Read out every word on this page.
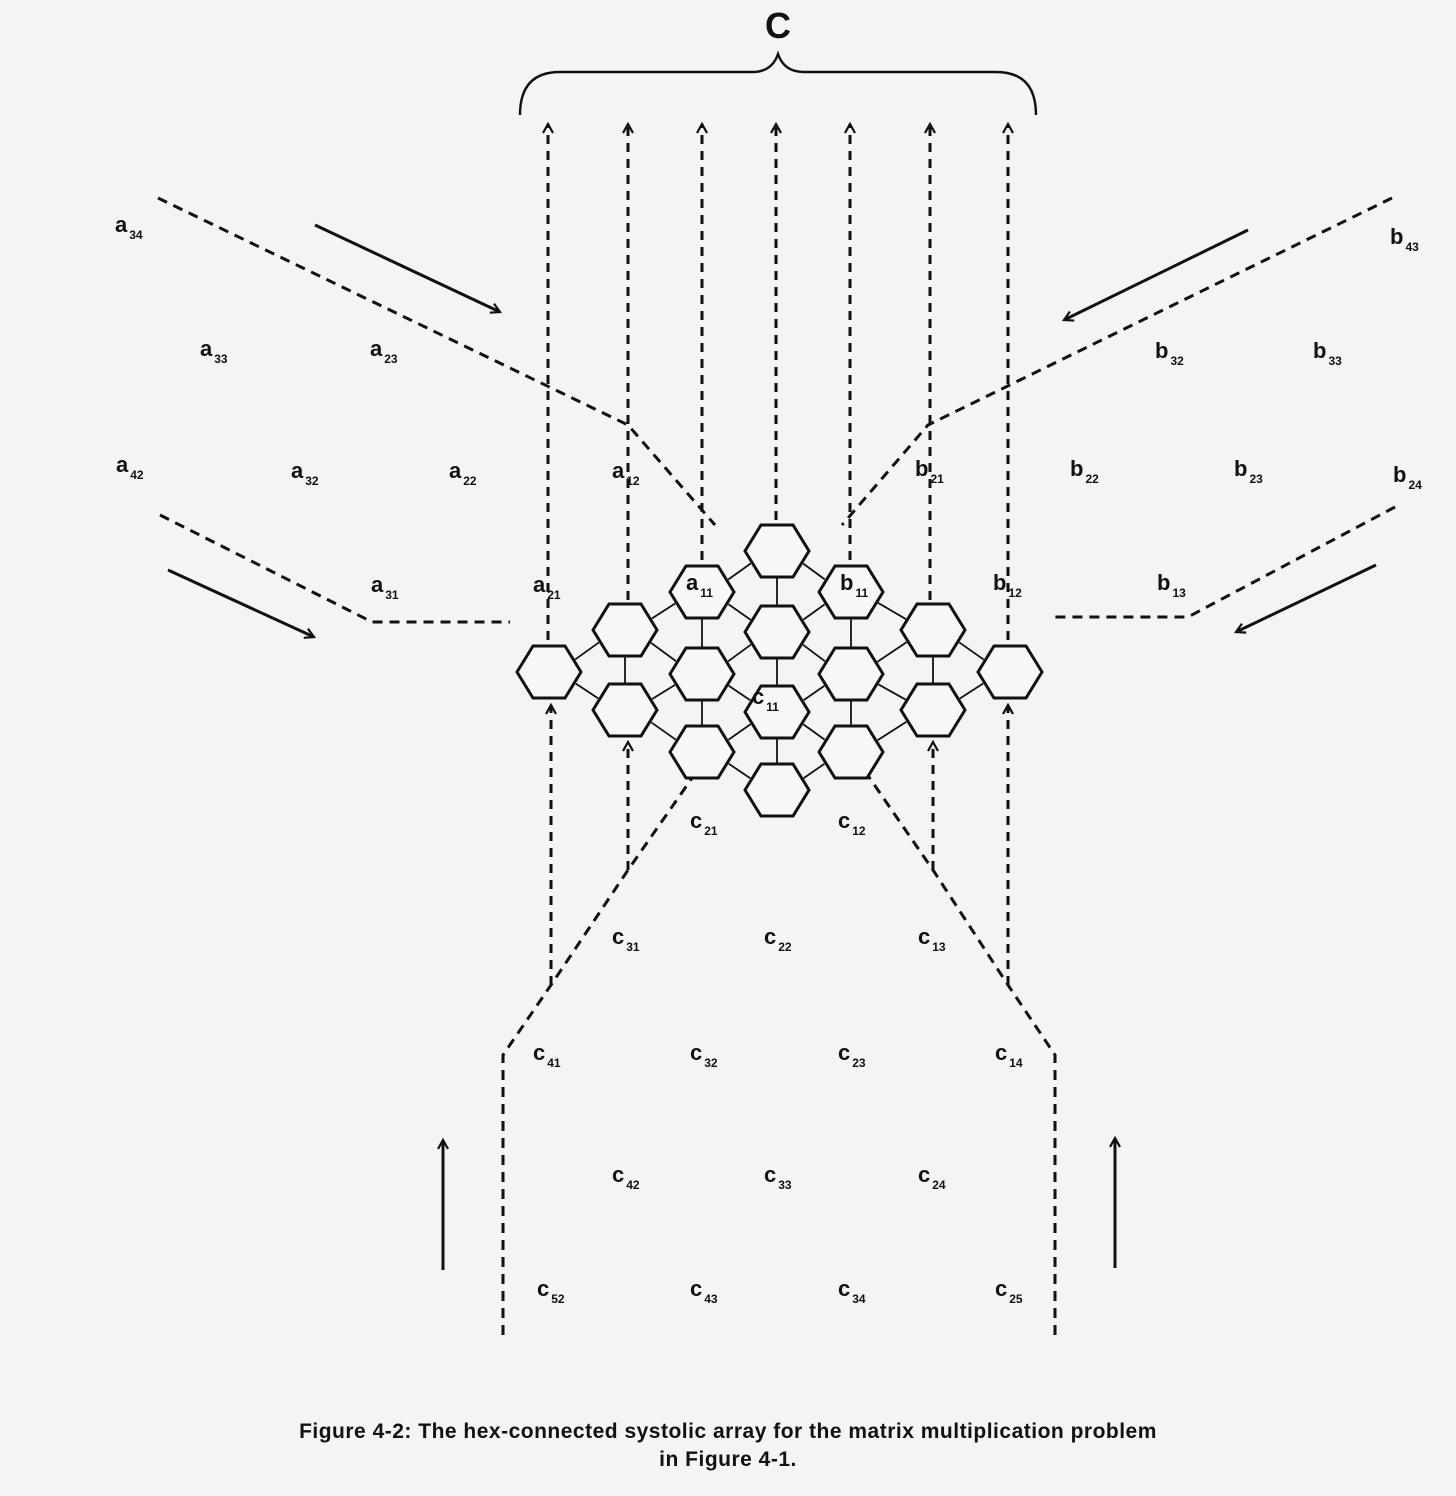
C
a $_{34}$
a $_{33}$	a $_{23}$
a $_{42}$	a $_{32}$	a $_{22}$	a $_{12}$
a $_{31}$	a $_{21}$	a $_{11}$
b $_{43}$
b $_{32}$	b $_{33}$
b $_{21}$	b $_{22}$	b $_{23}$	b $_{24}$
b $_{11}$	b $_{12}$	b $_{13}$
c $_{11}$
c $_{21}$	c $_{12}$
c $_{31}$	c $_{22}$	c $_{13}$
c $_{41}$	c $_{32}$	c $_{23}$	c $_{14}$
c $_{42}$	c $_{33}$	c $_{24}$
c $_{52}$	c $_{43}$	c $_{34}$	c $_{25}$
Figure 4-2: The hex-connected systolic array for the matrix multiplication problem
in Figure 4-1.
